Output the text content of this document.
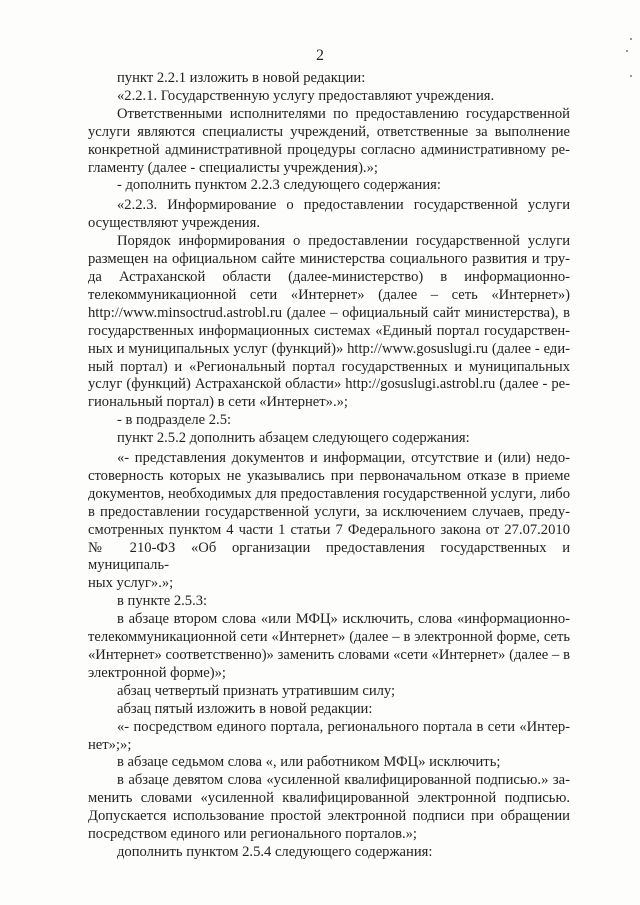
2
пункт 2.2.1 изложить в новой редакции:
«2.2.1. Государственную услугу предоставляют учреждения.
Ответственными исполнителями по предоставлению государственной
услуги являются специалисты учреждений, ответственные за выполнение
конкретной административной процедуры согласно административному ре-
гламенту (далее - специалисты учреждения).»;
- дополнить пунктом 2.2.3 следующего содержания:
«2.2.3. Информирование о предоставлении государственной услуги
осуществляют учреждения.
Порядок информирования о предоставлении государственной услуги
размещен на официальном сайте министерства социального развития и тру-
да Астраханской области (далее-министерство) в информационно-
телекоммуникационной сети «Интернет» (далее – сеть «Интернет»)
http://www.minsoctrud.astrobl.ru (далее – официальный сайт министерства), в
государственных информационных системах «Единый портал государствен-
ных и муниципальных услуг (функций)» http://www.gosuslugi.ru (далее - еди-
ный портал) и «Региональный портал государственных и муниципальных
услуг (функций) Астраханской области» http://gosuslugi.astrobl.ru (далее - ре-
гиональный портал) в сети «Интернет».»;
- в подразделе 2.5:
пункт 2.5.2 дополнить абзацем следующего содержания:
«- представления документов и информации, отсутствие и (или) недо-
стоверность которых не указывались при первоначальном отказе в приеме
документов, необходимых для предоставления государственной услуги, либо
в предоставлении государственной услуги, за исключением случаев, преду-
смотренных пунктом 4 части 1 статьи 7 Федерального закона от 27.07.2010
№ 210-ФЗ «Об организации предоставления государственных и муниципаль-
ных услуг».»;
в пункте 2.5.3:
в абзаце втором слова «или МФЦ» исключить, слова «информационно-
телекоммуникационной сети «Интернет» (далее – в электронной форме, сеть
«Интернет» соответственно)» заменить словами «сети «Интернет» (далее – в
электронной форме)»;
абзац четвертый признать утратившим силу;
абзац пятый изложить в новой редакции:
«- посредством единого портала, регионального портала в сети «Интер-
нет»;»;
в абзаце седьмом слова «, или работником МФЦ» исключить;
в абзаце девятом слова «усиленной квалифицированной подписью.» за-
менить словами «усиленной квалифицированной электронной подписью.
Допускается использование простой электронной подписи при обращении
посредством единого или регионального порталов.»;
дополнить пунктом 2.5.4 следующего содержания:
